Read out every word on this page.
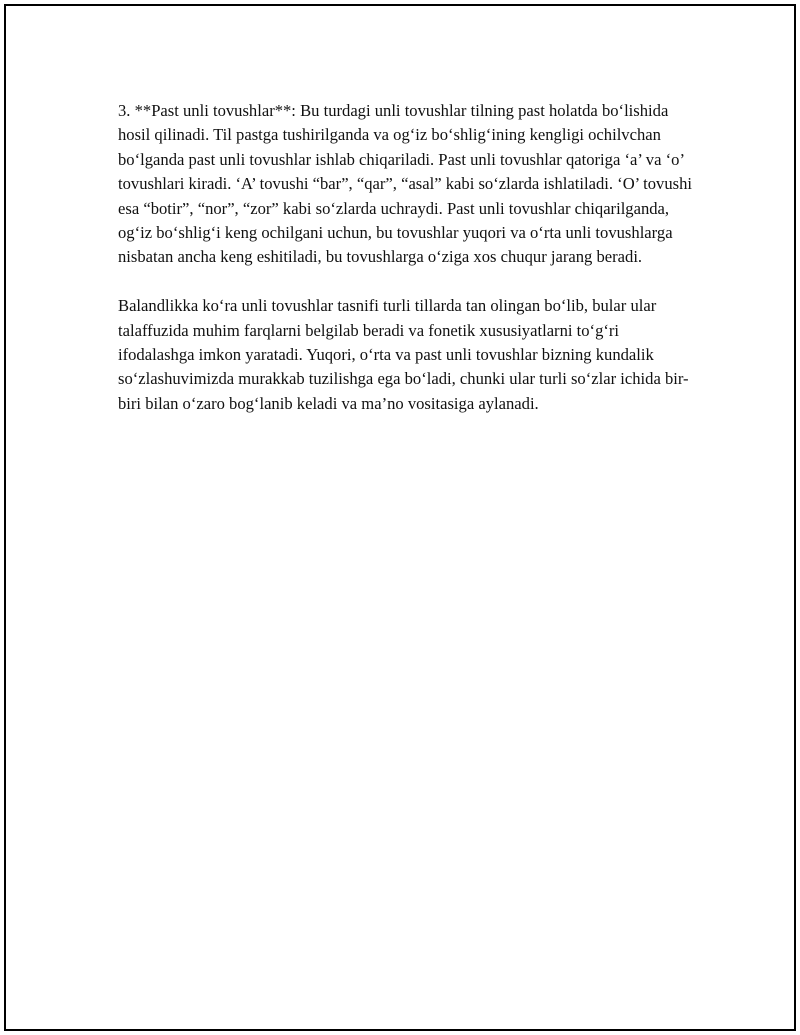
3. **Past unli tovushlar**: Bu turdagi unli tovushlar tilning past holatda bo‘lishida hosil qilinadi. Til pastga tushirilganda va og‘iz bo‘shlig‘ining kengligi ochilvchan bo‘lganda past unli tovushlar ishlab chiqariladi. Past unli tovushlar qatoriga ‘a’ va ‘o’ tovushlari kiradi. ‘A’ tovushi “bar”, “qar”, “asal” kabi so‘zlarda ishlatiladi. ‘O’ tovushi esa “botir”, “nor”, “zor” kabi so‘zlarda uchraydi. Past unli tovushlar chiqarilganda, og‘iz bo‘shlig‘i keng ochilgani uchun, bu tovushlar yuqori va o‘rta unli tovushlarga nisbatan ancha keng eshitiladi, bu tovushlarga o‘ziga xos chuqur jarang beradi.

Balandlikka ko‘ra unli tovushlar tasnifi turli tillarda tan olingan bo‘lib, bular ular talaffuzida muhim farqlarni belgilab beradi va fonetik xususiyatlarni to‘g‘ri ifodalashga imkon yaratadi. Yuqori, o‘rta va past unli tovushlar bizning kundalik so‘zlashuvimizda murakkab tuzilishga ega bo‘ladi, chunki ular turli so‘zlar ichida bir-biri bilan o‘zaro bog‘lanib keladi va ma’no vositasiga aylanadi.
